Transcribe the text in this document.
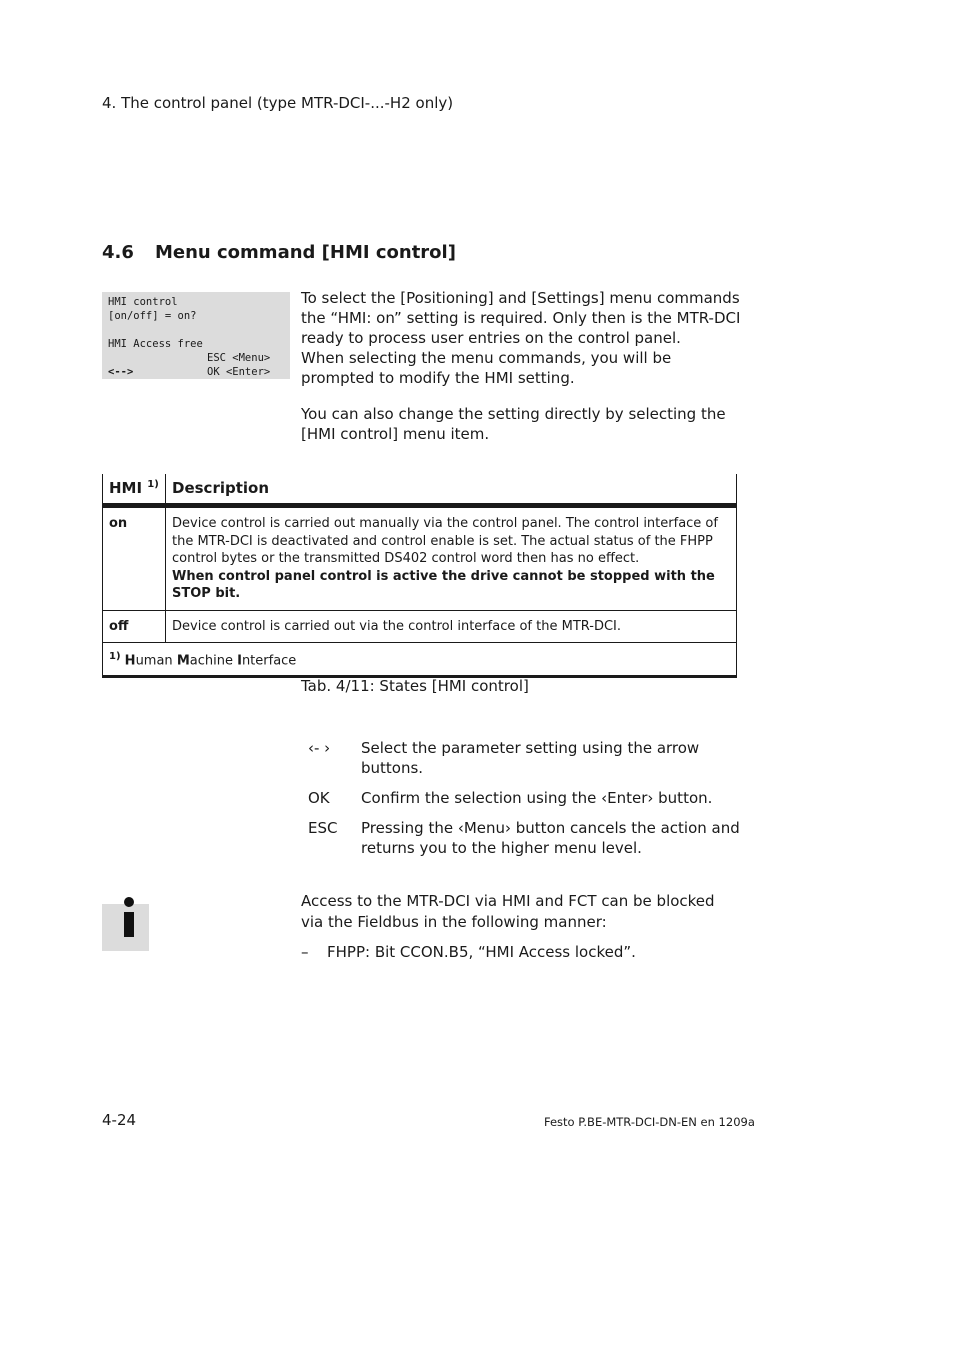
4. The control panel (type MTR-DCI-...-H2 only)
4.6 Menu command [HMI control]
HMI control
[on/off] = on?
HMI Access free
ESC <Menu>
<-->	OK <Enter>

To select the [Positioning] and [Settings] menu commands the “HMI: on” setting is required. Only then is the MTR-DCI ready to process user entries on the control panel.

When selecting the menu commands, you will be prompted to modify the HMI setting.

You can also change the setting directly by selecting the [HMI control] menu item.

HMI $^{1)}$	Description
on	Device control is carried out manually via the control panel. The control interface of the MTR-DCI is deactivated and control enable is set. The actual status of the FHPP control bytes or the transmitted DS402 control word then has no effect.
When control panel control is active the drive cannot be stopped with the STOP bit.
off	Device control is carried out via the control interface of the MTR-DCI.
$^{1)}$ Human Machine Interface	
Tab. 4/11: States [HMI control]
‹- ›	Select the parameter setting using the arrow buttons.
OK	Confirm the selection using the ‹Enter› button.
ESC	Pressing the ‹Menu› button cancels the action and returns you to the higher menu level.

Access to the MTR-DCI via HMI and FCT can be blocked via the Fieldbus in the following manner:

–	FHPP: Bit CCON.B5, “HMI Access locked”.
4-24	Festo P.BE-MTR-DCI-DN-EN en 1209a
